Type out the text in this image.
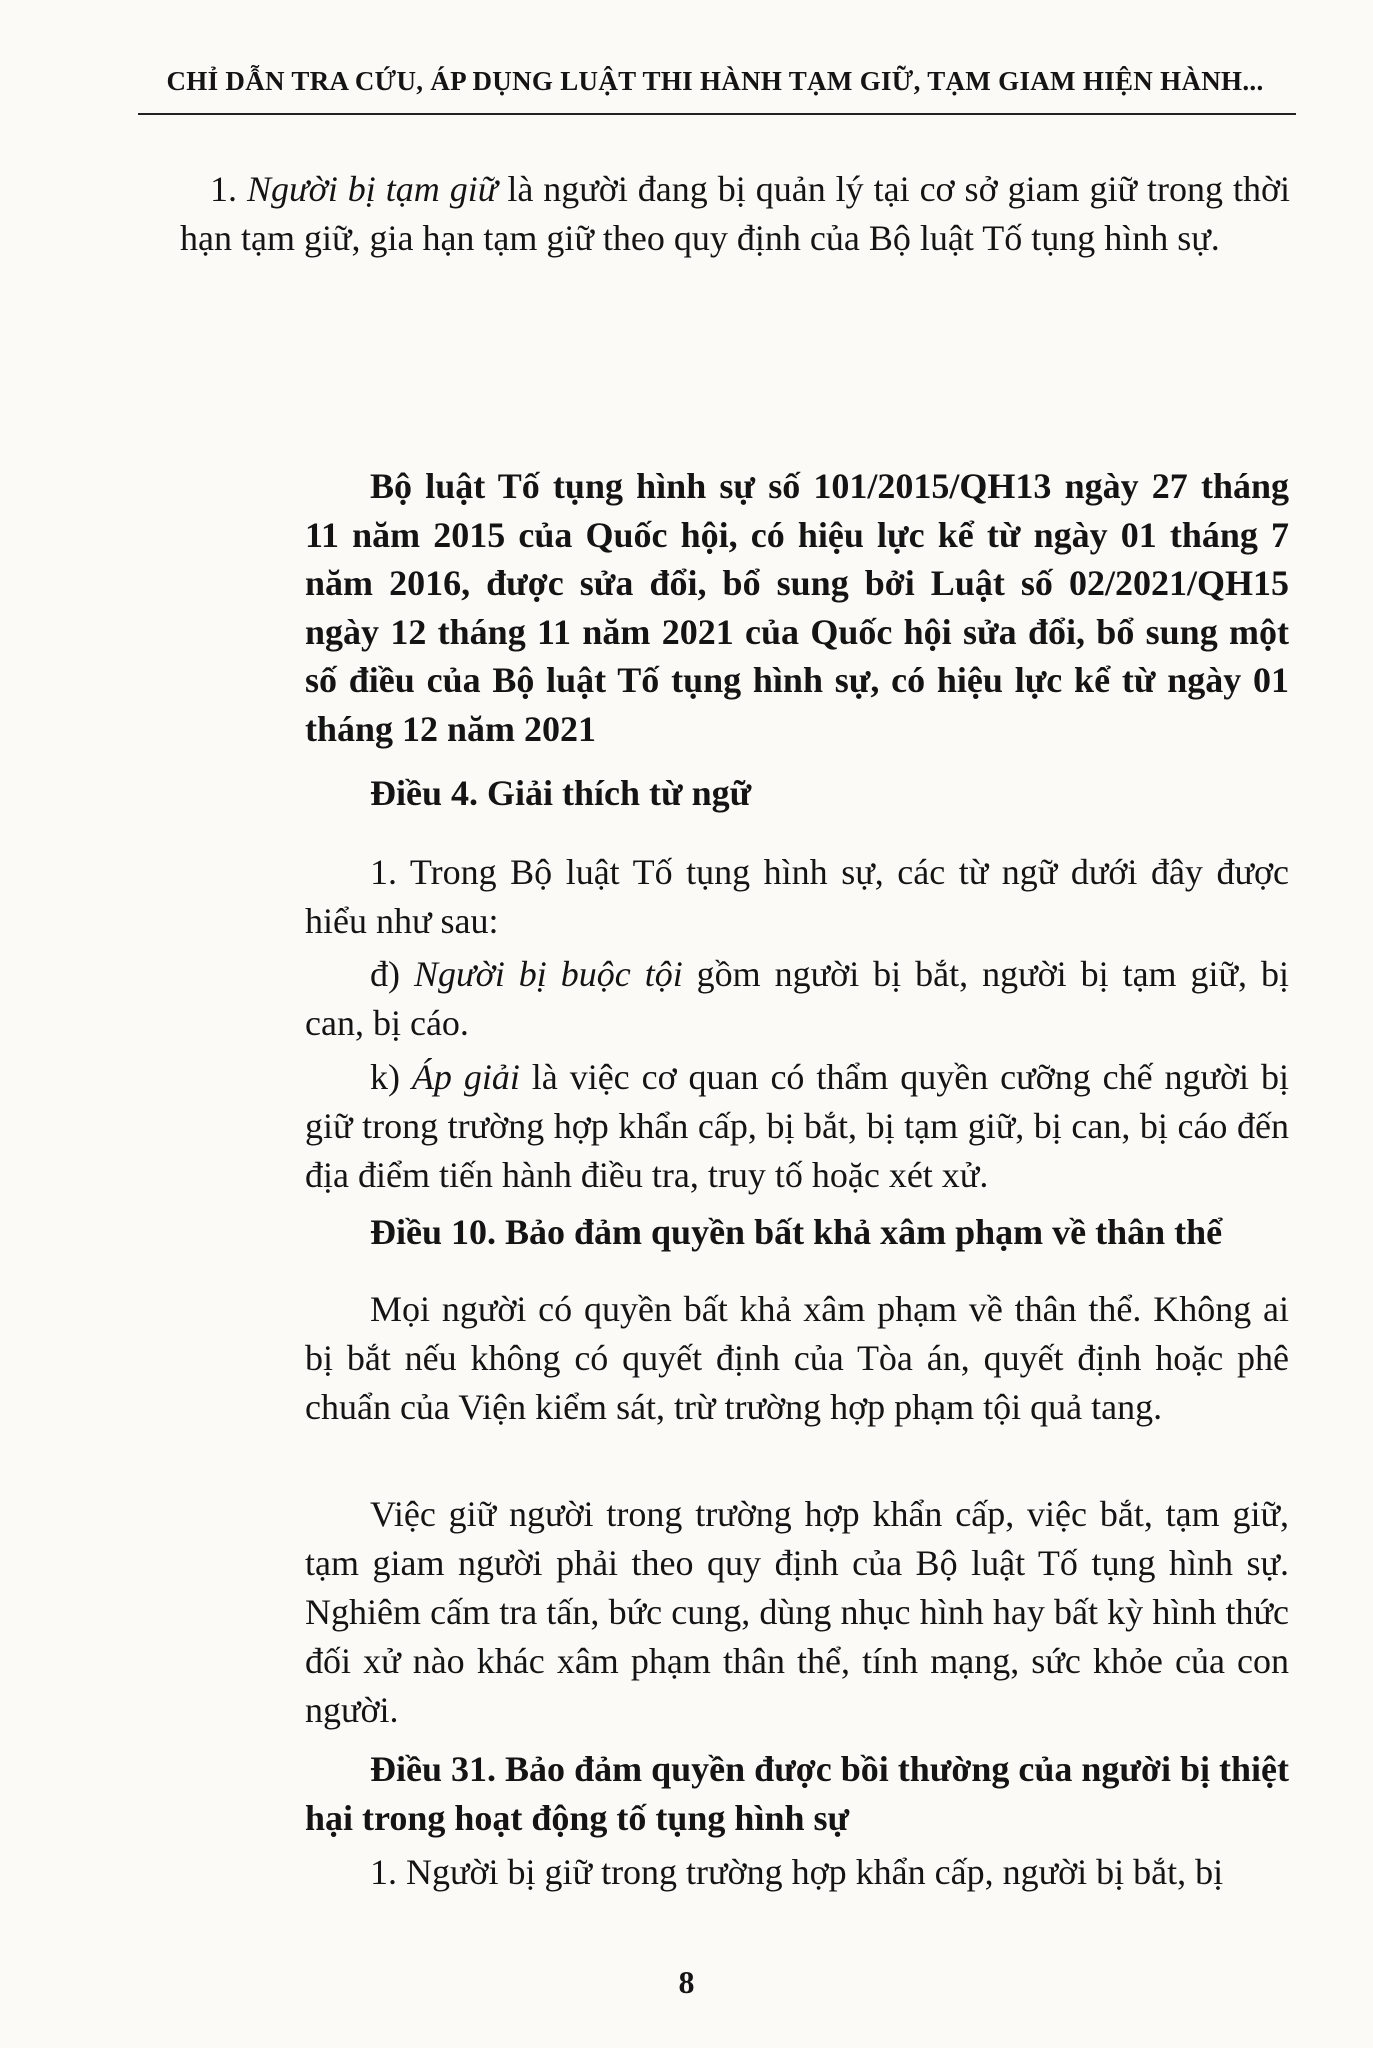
CHỈ DẪN TRA CỨU, ÁP DỤNG LUẬT THI HÀNH TẠM GIỮ, TẠM GIAM HIỆN HÀNH...

1. Người bị tạm giữ là người đang bị quản lý tại cơ sở giam giữ trong thời hạn tạm giữ, gia hạn tạm giữ theo quy định của Bộ luật Tố tụng hình sự.

Bộ luật Tố tụng hình sự số 101/2015/QH13 ngày 27 tháng 11 năm 2015 của Quốc hội, có hiệu lực kể từ ngày 01 tháng 7 năm 2016, được sửa đổi, bổ sung bởi Luật số 02/2021/QH15 ngày 12 tháng 11 năm 2021 của Quốc hội sửa đổi, bổ sung một số điều của Bộ luật Tố tụng hình sự, có hiệu lực kể từ ngày 01 tháng 12 năm 2021

Điều 4. Giải thích từ ngữ

1. Trong Bộ luật Tố tụng hình sự, các từ ngữ dưới đây được hiểu như sau:

đ) Người bị buộc tội gồm người bị bắt, người bị tạm giữ, bị can, bị cáo.

k) Áp giải là việc cơ quan có thẩm quyền cưỡng chế người bị giữ trong trường hợp khẩn cấp, bị bắt, bị tạm giữ, bị can, bị cáo đến địa điểm tiến hành điều tra, truy tố hoặc xét xử.

Điều 10. Bảo đảm quyền bất khả xâm phạm về thân thể

Mọi người có quyền bất khả xâm phạm về thân thể. Không ai bị bắt nếu không có quyết định của Tòa án, quyết định hoặc phê chuẩn của Viện kiểm sát, trừ trường hợp phạm tội quả tang.

Việc giữ người trong trường hợp khẩn cấp, việc bắt, tạm giữ, tạm giam người phải theo quy định của Bộ luật Tố tụng hình sự. Nghiêm cấm tra tấn, bức cung, dùng nhục hình hay bất kỳ hình thức đối xử nào khác xâm phạm thân thể, tính mạng, sức khỏe của con người.

Điều 31. Bảo đảm quyền được bồi thường của người bị thiệt hại trong hoạt động tố tụng hình sự

1. Người bị giữ trong trường hợp khẩn cấp, người bị bắt, bị

8
